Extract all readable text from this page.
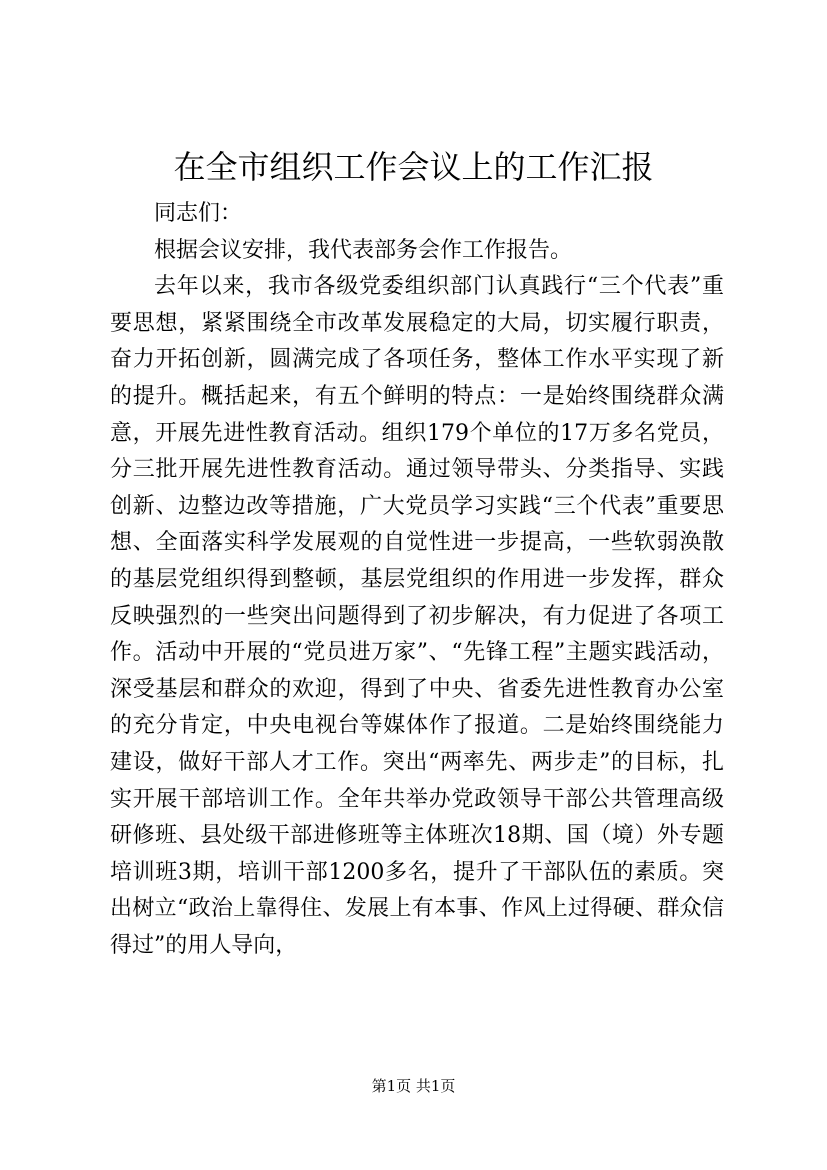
在全市组织工作会议上的工作汇报

同志们：

根据会议安排，我代表部务会作工作报告。

去年以来，我市各级党委组织部门认真践行“三个代表”重要思想，紧紧围绕全市改革发展稳定的大局，切实履行职责，奋力开拓创新，圆满完成了各项任务，整体工作水平实现了新的提升。概括起来，有五个鲜明的特点：一是始终围绕群众满意，开展先进性教育活动。组织179个单位的17万多名党员，分三批开展先进性教育活动。通过领导带头、分类指导、实践创新、边整边改等措施，广大党员学习实践“三个代表”重要思想、全面落实科学发展观的自觉性进一步提高，一些软弱涣散的基层党组织得到整顿，基层党组织的作用进一步发挥，群众反映强烈的一些突出问题得到了初步解决，有力促进了各项工作。活动中开展的“党员进万家”、“先锋工程”主题实践活动，深受基层和群众的欢迎，得到了中央、省委先进性教育办公室的充分肯定，中央电视台等媒体作了报道。二是始终围绕能力建设，做好干部人才工作。突出“两率先、两步走”的目标，扎实开展干部培训工作。全年共举办党政领导干部公共管理高级研修班、县处级干部进修班等主体班次18期、国（境）外专题培训班3期，培训干部1200多名，提升了干部队伍的素质。突出树立“政治上靠得住、发展上有本事、作风上过得硬、群众信得过”的用人导向，

第1页 共1页
